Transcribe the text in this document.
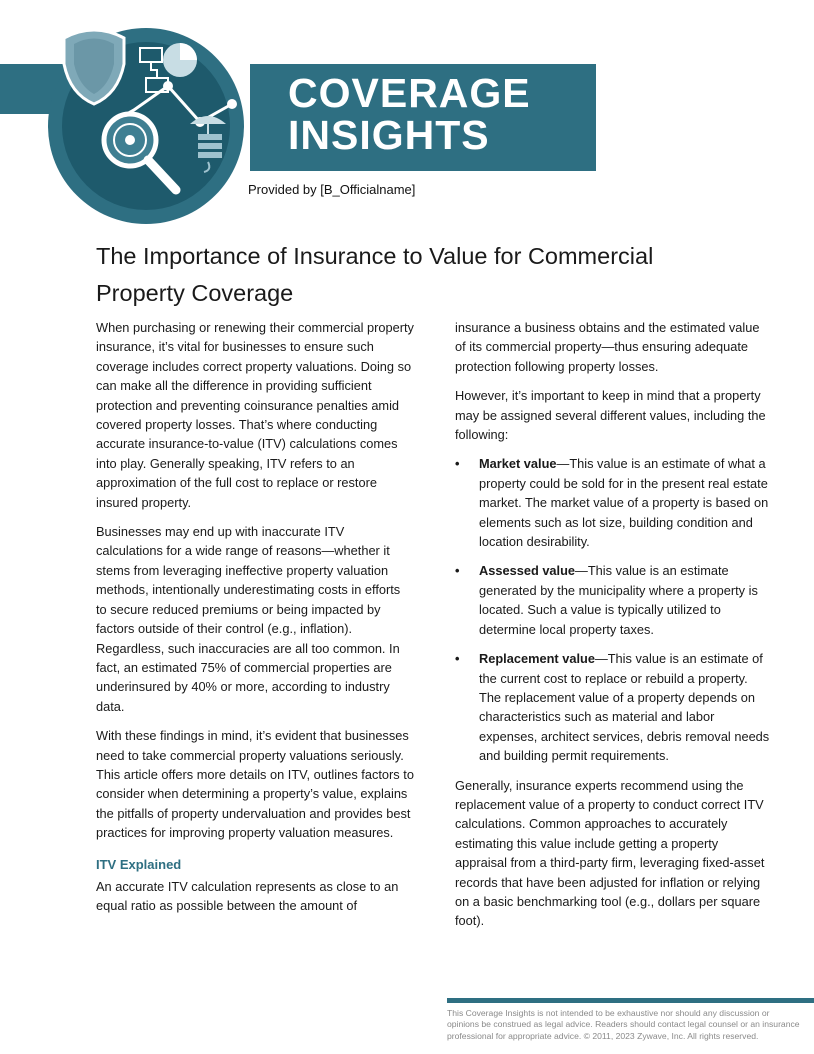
COVERAGE
INSIGHTS
Provided by [B_Officialname]
The Importance of Insurance to Value for Commercial Property Coverage

When purchasing or renewing their commercial property insurance, it’s vital for businesses to ensure such coverage includes correct property valuations. Doing so can make all the difference in providing sufficient protection and preventing coinsurance penalties amid covered property losses. That’s where conducting accurate insurance-to-value (ITV) calculations comes into play. Generally speaking, ITV refers to an approximation of the full cost to replace or restore insured property.

Businesses may end up with inaccurate ITV calculations for a wide range of reasons—whether it stems from leveraging ineffective property valuation methods, intentionally underestimating costs in efforts to secure reduced premiums or being impacted by factors outside of their control (e.g., inflation). Regardless, such inaccuracies are all too common. In fact, an estimated 75% of commercial properties are underinsured by 40% or more, according to industry data.

With these findings in mind, it’s evident that businesses need to take commercial property valuations seriously. This article offers more details on ITV, outlines factors to consider when determining a property’s value, explains the pitfalls of property undervaluation and provides best practices for improving property valuation measures.

ITV Explained

An accurate ITV calculation represents as close to an equal ratio as possible between the amount of

insurance a business obtains and the estimated value of its commercial property—thus ensuring adequate protection following property losses.

However, it’s important to keep in mind that a property may be assigned several different values, including the following:

• Market value—This value is an estimate of what a property could be sold for in the present real estate market. The market value of a property is based on elements such as lot size, building condition and location desirability.
• Assessed value—This value is an estimate generated by the municipality where a property is located. Such a value is typically utilized to determine local property taxes.
• Replacement value—This value is an estimate of the current cost to replace or rebuild a property. The replacement value of a property depends on characteristics such as material and labor expenses, architect services, debris removal needs and building permit requirements.

Generally, insurance experts recommend using the replacement value of a property to conduct correct ITV calculations. Common approaches to accurately estimating this value include getting a property appraisal from a third-party firm, leveraging fixed-asset records that have been adjusted for inflation or relying on a basic benchmarking tool (e.g., dollars per square foot).

This Coverage Insights is not intended to be exhaustive nor should any discussion or opinions be construed as legal advice. Readers should contact legal counsel or an insurance professional for appropriate advice. © 2011, 2023 Zywave, Inc. All rights reserved.
